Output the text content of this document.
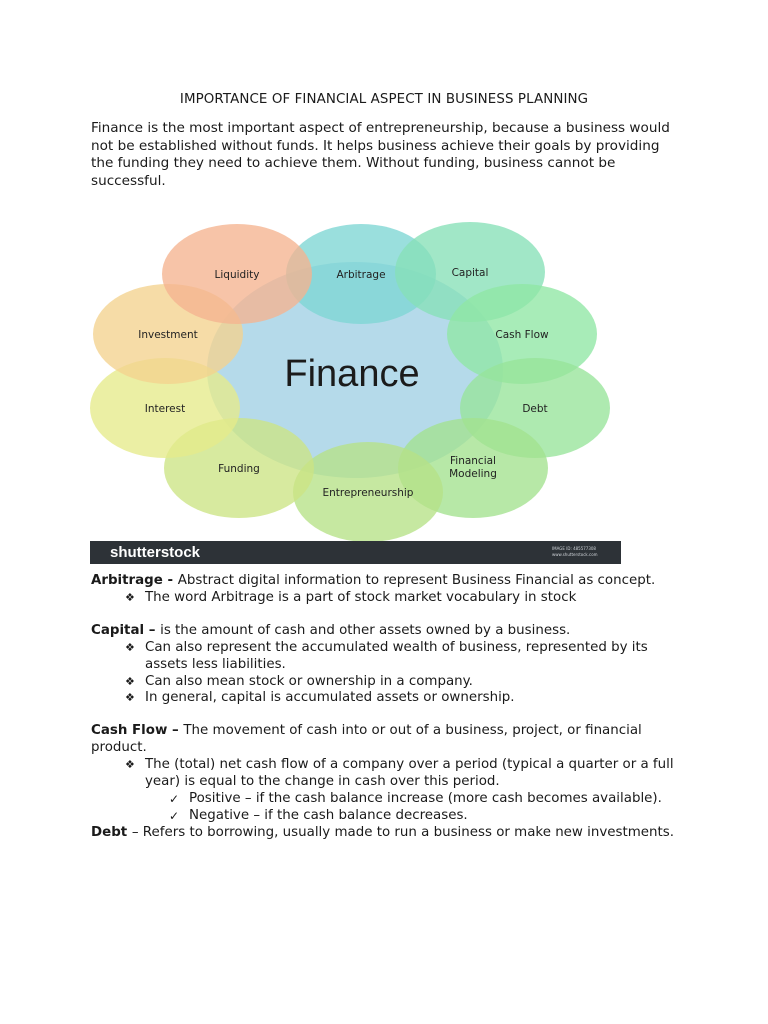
IMPORTANCE OF FINANCIAL ASPECT IN BUSINESS PLANNING

Finance is the most important aspect of entrepreneurship, because a business would not be established without funds. It helps business achieve their goals by providing the funding they need to achieve them. Without funding, business cannot be successful.

Arbitrage	Capital
Cash Flow
Debt
Financial
Modeling
Entrepreneurship
Funding
Interest
Investment
Liquidity
Finance
shutterstock	IMAGE ID: 485577308
www.shutterstock.com
Arbitrage - Abstract digital information to represent Business Financial as concept.
❖ The word Arbitrage is a part of stock market vocabulary in stock
Capital – is the amount of cash and other assets owned by a business.
❖ Can also represent the accumulated wealth of business, represented by its assets less liabilities.
❖ Can also mean stock or ownership in a company.
❖ In general, capital is accumulated assets or ownership.
Cash Flow – The movement of cash into or out of a business, project, or financial product.
❖ The (total) net cash flow of a company over a period (typical a quarter or a full year) is equal to the change in cash over this period.
✓ Positive – if the cash balance increase (more cash becomes available).
✓ Negative – if the cash balance decreases.
Debt – Refers to borrowing, usually made to run a business or make new investments.
